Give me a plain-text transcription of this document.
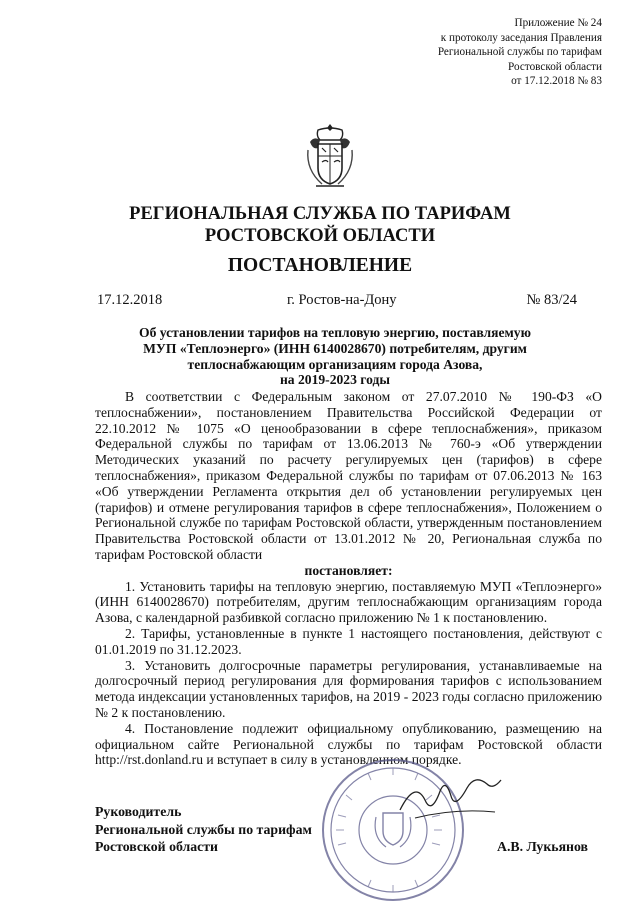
Приложение № 24
к протоколу заседания Правления
Региональной службы по тарифам
Ростовской области
от 17.12.2018 № 83
РЕГИОНАЛЬНАЯ СЛУЖБА ПО ТАРИФАМ
РОСТОВСКОЙ ОБЛАСТИ
ПОСТАНОВЛЕНИЕ
17.12.2018	г. Ростов-на-Дону	№ 83/24
Об установлении тарифов на тепловую энергию, поставляемую
МУП «Теплоэнерго» (ИНН 6140028670) потребителям, другим
теплоснабжающим организациям города Азова,
на 2019-2023 годы

В соответствии с Федеральным законом от 27.07.2010 № 190-ФЗ «О теплоснабжении», постановлением Правительства Российской Федерации от 22.10.2012 № 1075 «О ценообразовании в сфере теплоснабжения», приказом Федеральной службы по тарифам от 13.06.2013 № 760-э «Об утверждении Методических указаний по расчету регулируемых цен (тарифов) в сфере теплоснабжения», приказом Федеральной службы по тарифам от 07.06.2013 № 163 «Об утверждении Регламента открытия дел об установлении регулируемых цен (тарифов) и отмене регулирования тарифов в сфере теплоснабжения», Положением о Региональной службе по тарифам Ростовской области, утвержденным постановлением Правительства Ростовской области от 13.01.2012 № 20, Региональная служба по тарифам Ростовской области

постановляет:

1. Установить тарифы на тепловую энергию, поставляемую МУП «Теплоэнерго» (ИНН 6140028670) потребителям, другим теплоснабжающим организациям города Азова, с календарной разбивкой согласно приложению № 1 к постановлению.

2. Тарифы, установленные в пункте 1 настоящего постановления, действуют с 01.01.2019 по 31.12.2023.

3. Установить долгосрочные параметры регулирования, устанавливаемые на долгосрочный период регулирования для формирования тарифов с использованием метода индексации установленных тарифов, на 2019 - 2023 годы согласно приложению № 2 к постановлению.

4. Постановление подлежит официальному опубликованию, размещению на официальном сайте Региональной службы по тарифам Ростовской области http://rst.donland.ru и вступает в силу в установленном порядке.

Руководитель
Региональной службы по тарифам
Ростовской области	А.В. Лукьянов
